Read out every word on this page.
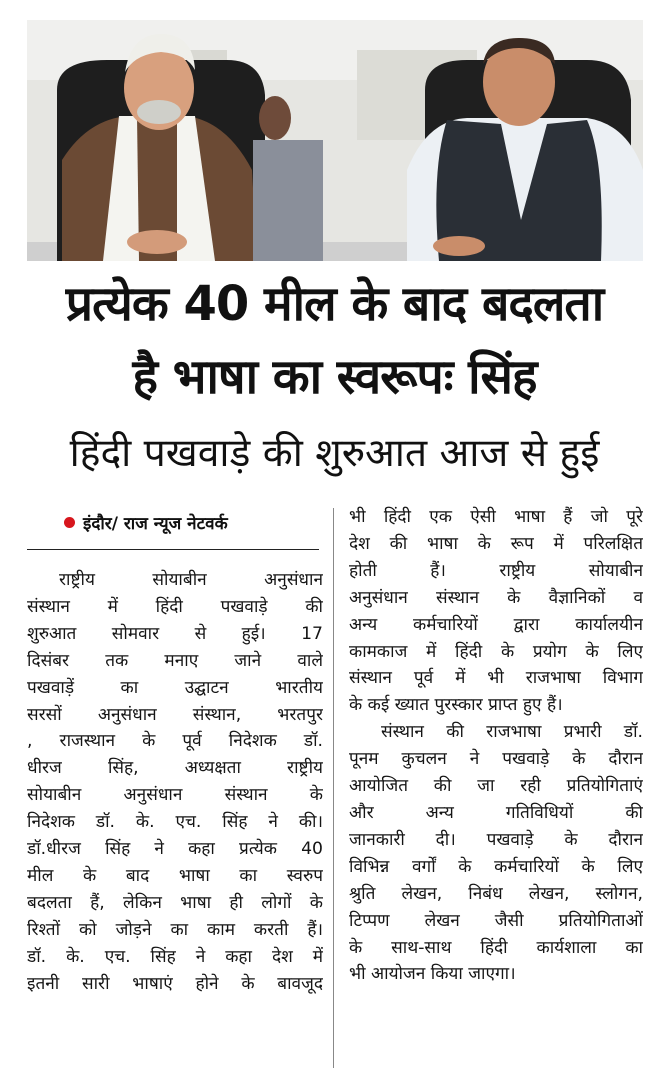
प्रत्येक 40 मील के बाद बदलता
है भाषा का स्वरूपः सिंह
हिंदी पखवाड़े की शुरुआत आज से हुई
इंदौर/ राज न्यूज नेटवर्क
राष्ट्रीय सोयाबीन अनुसंधान
संस्थान में हिंदी पखवाड़े की
शुरुआत सोमवार से हुई। 17
दिसंबर तक मनाए जाने वाले
पखवाड़ें का उद्घाटन भारतीय
सरसों अनुसंधान संस्थान, भरतपुर
, राजस्थान के पूर्व निदेशक डॉ.
धीरज सिंह, अध्यक्षता राष्ट्रीय
सोयाबीन अनुसंधान संस्थान के
निदेशक डॉ. के. एच. सिंह ने की।
डॉ.धीरज सिंह ने कहा प्रत्येक 40
मील के बाद भाषा का स्वरुप
बदलता हैं, लेकिन भाषा ही लोगों के
रिश्तों को जोड़ने का काम करती हैं।
डॉ. के. एच. सिंह ने कहा देश में
इतनी सारी भाषाएं होने के बावजूद
भी हिंदी एक ऐसी भाषा हैं जो पूरे
देश की भाषा के रूप में परिलक्षित
होती हैं। राष्ट्रीय सोयाबीन
अनुसंधान संस्थान के वैज्ञानिकों व
अन्य कर्मचारियों द्वारा कार्यालयीन
कामकाज में हिंदी के प्रयोग के लिए
संस्थान पूर्व में भी राजभाषा विभाग
के कई ख्यात पुरस्कार प्राप्त हुए हैं।
संस्थान की राजभाषा प्रभारी डॉ.
पूनम कुचलन ने पखवाड़े के दौरान
आयोजित की जा रही प्रतियोगिताएं
और अन्य गतिविधियों की
जानकारी दी। पखवाड़े के दौरान
विभिन्न वर्गों के कर्मचारियों के लिए
श्रुति लेखन, निबंध लेखन, स्लोगन,
टिप्पण लेखन जैसी प्रतियोगिताओं
के साथ-साथ हिंदी कार्यशाला का
भी आयोजन किया जाएगा।
